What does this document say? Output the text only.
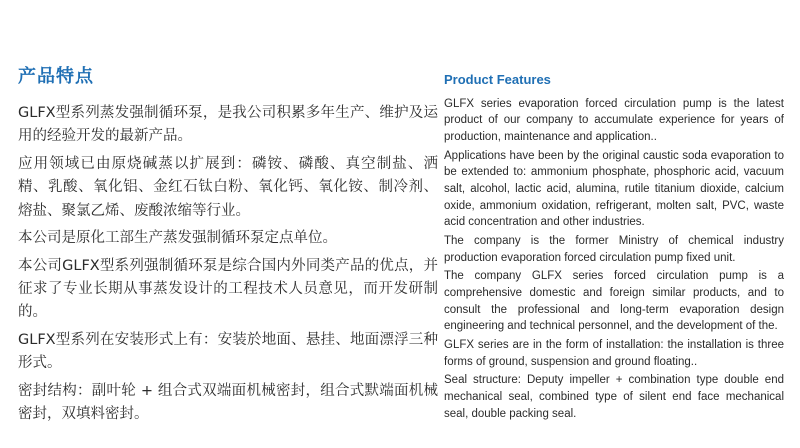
产品特点

GLFX型系列蒸发强制循环泵，是我公司积累多年生产、维护及运用的经验开发的最新产品。

应用领域已由原烧碱蒸以扩展到：磷铵、磷酸、真空制盐、洒精、乳酸、氧化铝、金红石钛白粉、氧化钙、氧化铵、制冷剂、熔盐、聚氯乙烯、废酸浓缩等行业。

本公司是原化工部生产蒸发强制循环泵定点单位。

本公司GLFX型系列强制循环泵是综合国内外同类产品的优点，并征求了专业长期从事蒸发设计的工程技术人员意见，而开发研制的。

GLFX型系列在安装形式上有：安装於地面、悬挂、地面漂浮三种形式。

密封结构：副叶轮 + 组合式双端面机械密封，组合式默端面机械密封，双填料密封。

Product Features

GLFX series evaporation forced circulation pump is the latest product of our company to accumulate experience for years of production, maintenance and application..

Applications have been by the original caustic soda evaporation to be extended to: ammonium phosphate, phosphoric acid, vacuum salt, alcohol, lactic acid, alumina, rutile titanium dioxide, calcium oxide, ammonium oxidation, refrigerant, molten salt, PVC, waste acid concentration and other industries.

The company is the former Ministry of chemical industry production evaporation forced circulation pump fixed unit.

The company GLFX series forced circulation pump is a comprehensive domestic and foreign similar products, and to consult the professional and long-term evaporation design engineering and technical personnel, and the development of the.

GLFX series are in the form of installation: the installation is three forms of ground, suspension and ground floating..

Seal structure: Deputy impeller + combination type double end mechanical seal, combined type of silent end face mechanical seal, double packing seal.
